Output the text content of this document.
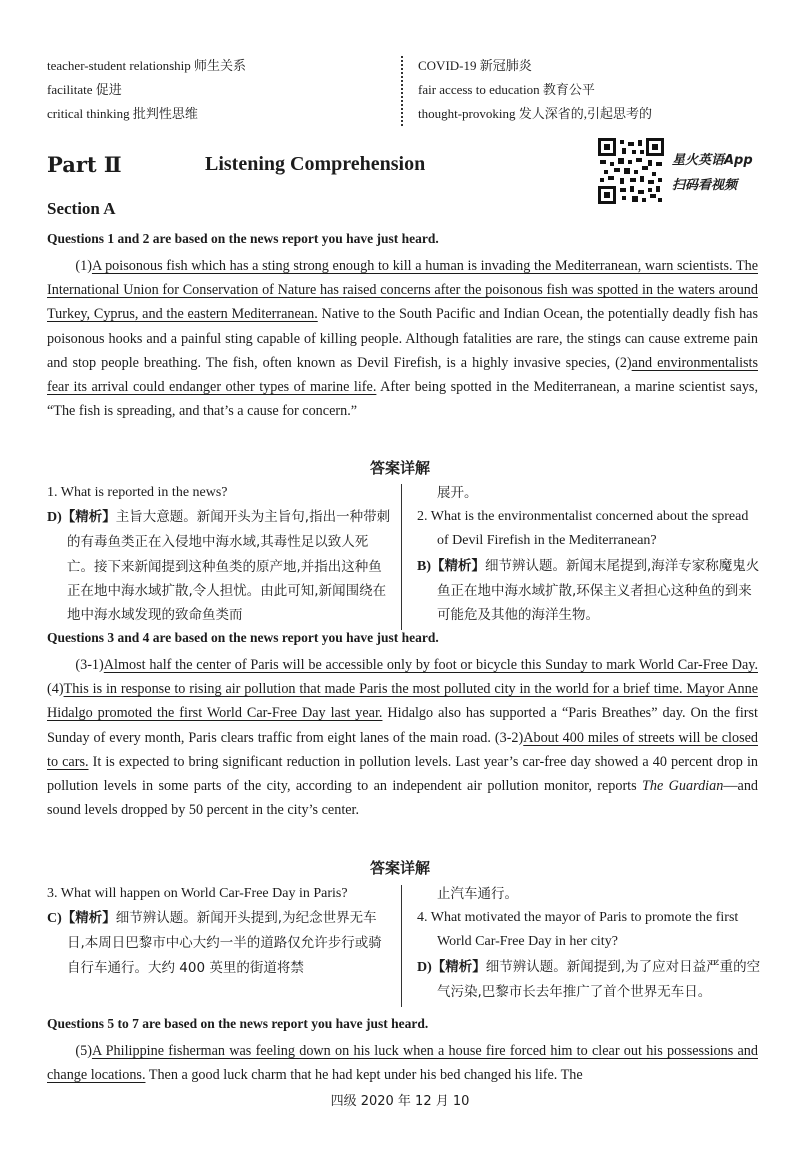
teacher-student relationship 师生关系
facilitate 促进
critical thinking 批判性思维
COVID-19 新冠肺炎
fair access to education 教育公平
thought-provoking 发人深省的,引起思考的
Part Ⅱ	Listening Comprehension	星火英语App
扫码看视频
Section A
Questions 1 and 2 are based on the news report you have just heard.
(1)A poisonous fish which has a sting strong enough to kill a human is invading the Mediterranean, warn scientists. The International Union for Conservation of Nature has raised concerns after the poisonous fish was spotted in the waters around Turkey, Cyprus, and the eastern Mediterranean. Native to the South Pacific and Indian Ocean, the potentially deadly fish has poisonous hooks and a painful sting capable of killing people. Although fatalities are rare, the stings can cause extreme pain and stop people breathing. The fish, often known as Devil Firefish, is a highly invasive species, (2)and environmentalists fear its arrival could endanger other types of marine life. After being spotted in the Mediterranean, a marine scientist says, “The fish is spreading, and that’s a cause for concern.”
答案详解
1. What is reported in the news?
D)【精析】主旨大意题。新闻开头为主旨句,指出一种带刺的有毒鱼类正在入侵地中海水域,其毒性足以致人死亡。接下来新闻提到这种鱼类的原产地,并指出这种鱼正在地中海水域扩散,令人担忧。由此可知,新闻围绕在地中海水域发现的致命鱼类而
展开。
2. What is the environmentalist concerned about the spread of Devil Firefish in the Mediterranean?
B)【精析】细节辨认题。新闻末尾提到,海洋专家称魔鬼火鱼正在地中海水域扩散,环保主义者担心这种鱼的到来可能危及其他的海洋生物。
Questions 3 and 4 are based on the news report you have just heard.
(3-1)Almost half the center of Paris will be accessible only by foot or bicycle this Sunday to mark World Car-Free Day. (4)This is in response to rising air pollution that made Paris the most polluted city in the world for a brief time. Mayor Anne Hidalgo promoted the first World Car-Free Day last year. Hidalgo also has supported a “Paris Breathes” day. On the first Sunday of every month, Paris clears traffic from eight lanes of the main road. (3-2)About 400 miles of streets will be closed to cars. It is expected to bring significant reduction in pollution levels. Last year’s car-free day showed a 40 percent drop in pollution levels in some parts of the city, according to an independent air pollution monitor, reports The Guardian—and sound levels dropped by 50 percent in the city’s center.
答案详解
3. What will happen on World Car-Free Day in Paris?
C)【精析】细节辨认题。新闻开头提到,为纪念世界无车日,本周日巴黎市中心大约一半的道路仅允许步行或骑自行车通行。大约 400 英里的街道将禁
止汽车通行。
4. What motivated the mayor of Paris to promote the first World Car-Free Day in her city?
D)【精析】细节辨认题。新闻提到,为了应对日益严重的空气污染,巴黎市长去年推广了首个世界无车日。
Questions 5 to 7 are based on the news report you have just heard.
(5)A Philippine fisherman was feeling down on his luck when a house fire forced him to clear out his possessions and change locations. Then a good luck charm that he had kept under his bed changed his life. The
四级 2020 年 12 月 10
